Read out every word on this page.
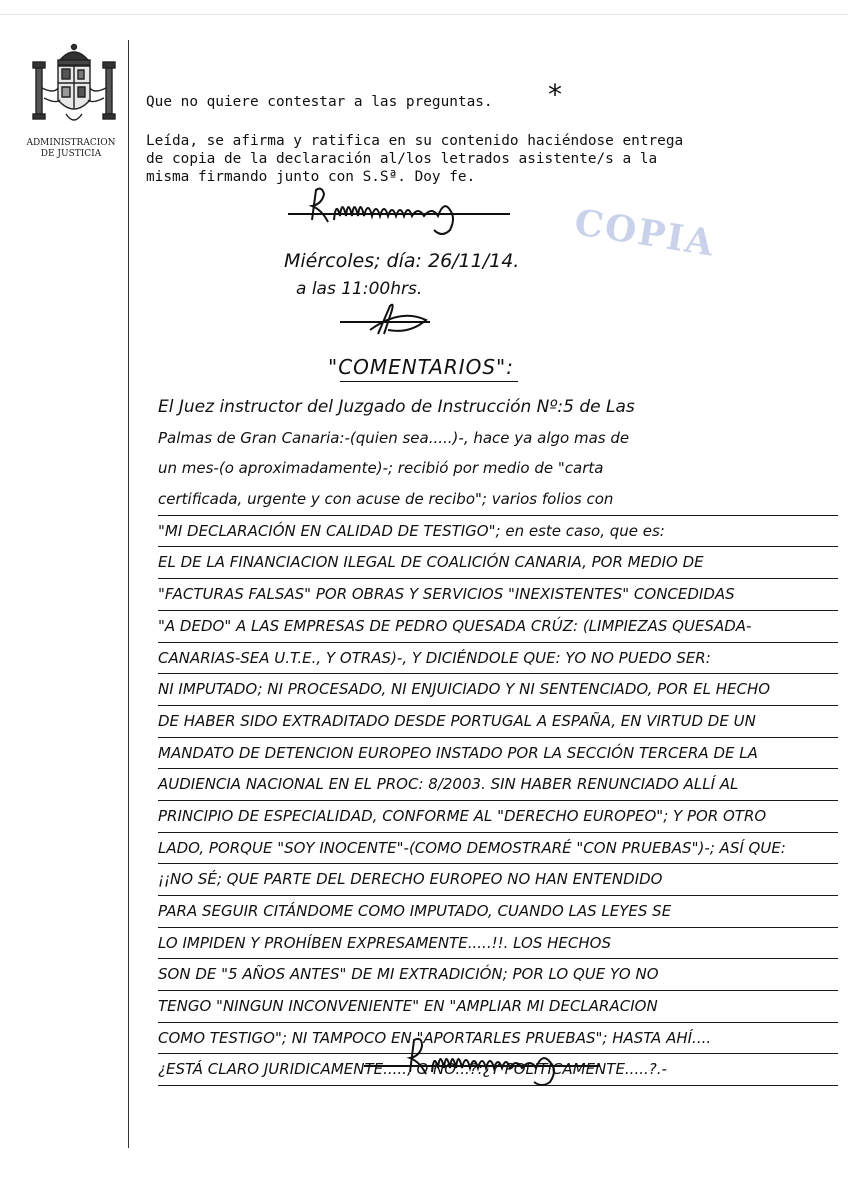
ADMINISTRACION
DE JUSTICIA
Que no quiere contestar a las preguntas. *
Leída, se afirma y ratifica en su contenido haciéndose entrega
de copia de la declaración al/los letrados asistente/s a la
misma firmando junto con S.Sª. Doy fe.
COPIA
Miércoles; día: 26/11/14.
a las 11:00hrs.
"COMENTARIOS":
El Juez instructor del Juzgado de Instrucción Nº:5 de Las
Palmas de Gran Canaria:-(quien sea.....)-, hace ya algo mas de
un mes-(o aproximadamente)-; recibió por medio de "carta
certificada, urgente y con acuse de recibo"; varios folios con
"MI DECLARACIÓN EN CALIDAD DE TESTIGO"; en este caso, que es:
EL DE LA FINANCIACION ILEGAL DE COALICIÓN CANARIA, POR MEDIO DE
"FACTURAS FALSAS" POR OBRAS Y SERVICIOS "INEXISTENTES" CONCEDIDAS
"A DEDO" A LAS EMPRESAS DE PEDRO QUESADA CRÚZ: (LIMPIEZAS QUESADA-
CANARIAS-SEA U.T.E., Y OTRAS)-, Y DICIÉNDOLE QUE: YO NO PUEDO SER:
NI IMPUTADO; NI PROCESADO, NI ENJUICIADO Y NI SENTENCIADO, POR EL HECHO
DE HABER SIDO EXTRADITADO DESDE PORTUGAL A ESPAÑA, EN VIRTUD DE UN
MANDATO DE DETENCION EUROPEO INSTADO POR LA SECCIÓN TERCERA DE LA
AUDIENCIA NACIONAL EN EL PROC: 8/2003. SIN HABER RENUNCIADO ALLÍ AL
PRINCIPIO DE ESPECIALIDAD, CONFORME AL "DERECHO EUROPEO"; Y POR OTRO
LADO, PORQUE "SOY INOCENTE"-(COMO DEMOSTRARÉ "CON PRUEBAS")-; ASÍ QUE:
¡¡NO SÉ; QUE PARTE DEL DERECHO EUROPEO NO HAN ENTENDIDO
PARA SEGUIR CITÁNDOME COMO IMPUTADO, CUANDO LAS LEYES SE
LO IMPIDEN Y PROHÍBEN EXPRESAMENTE.....!!. LOS HECHOS
SON DE "5 AÑOS ANTES" DE MI EXTRADICIÓN; POR LO QUE YO NO
TENGO "NINGUN INCONVENIENTE" EN "AMPLIAR MI DECLARACION
COMO TESTIGO"; NI TAMPOCO EN "APORTARLES PRUEBAS"; HASTA AHÍ....
¿ESTÁ CLARO JURIDICAMENTE....., O NO...?:¿Y POLITICAMENTE.....?.-
